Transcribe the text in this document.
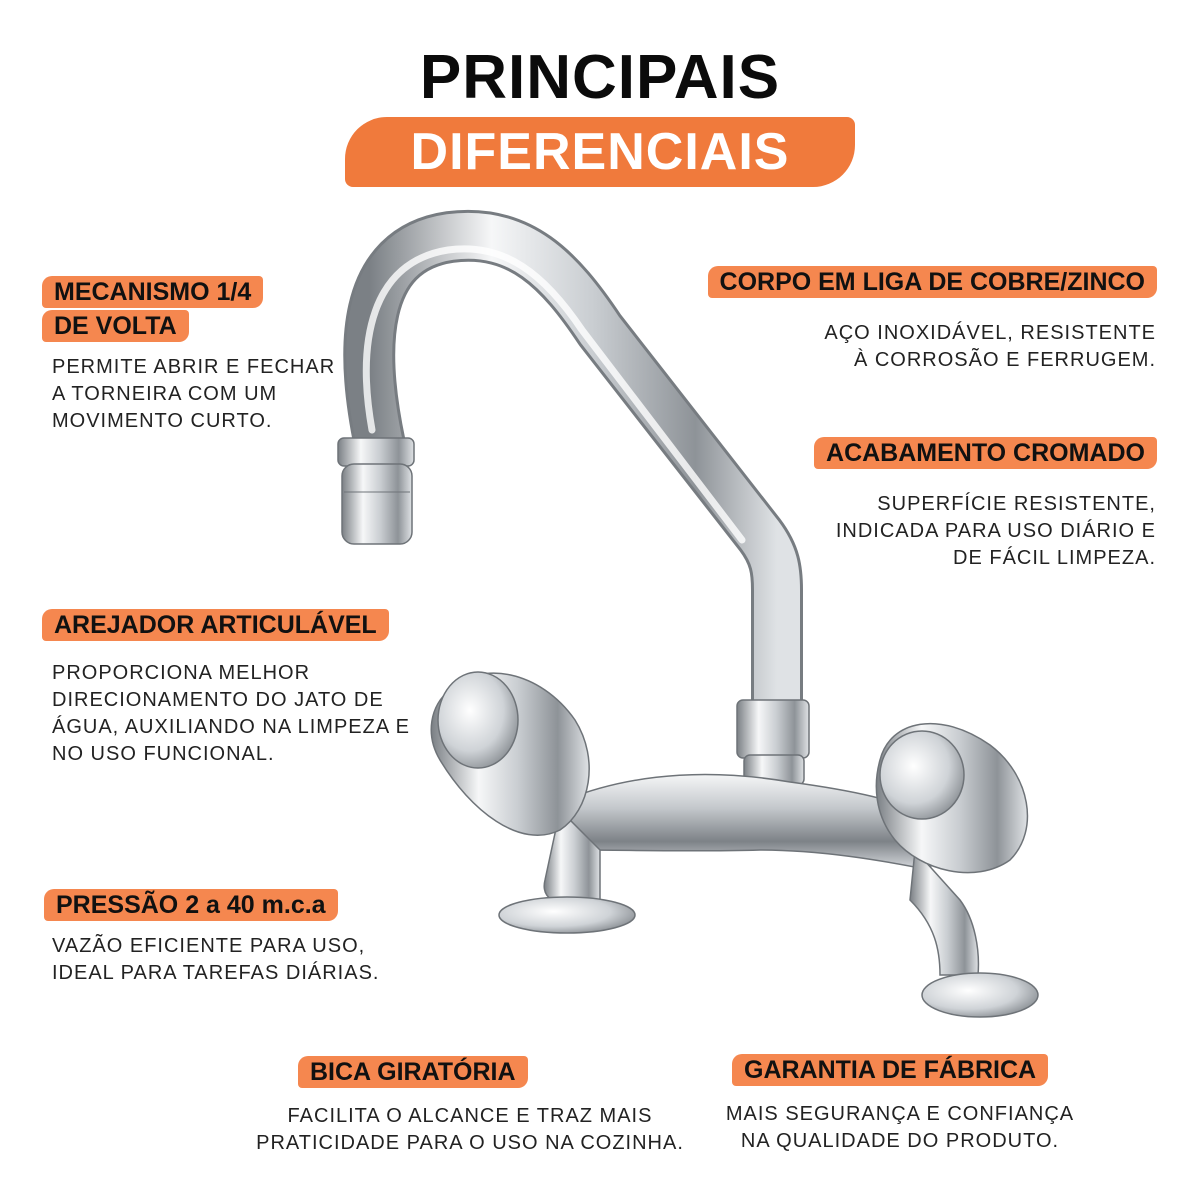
PRINCIPAIS
DIFERENCIAIS
MECANISMO 1/4
DE VOLTA
PERMITE ABRIR E FECHAR
A TORNEIRA COM UM
MOVIMENTO CURTO.
CORPO EM LIGA DE COBRE/ZINCO
AÇO INOXIDÁVEL, RESISTENTE
À CORROSÃO E FERRUGEM.
ACABAMENTO CROMADO
SUPERFÍCIE RESISTENTE,
INDICADA PARA USO DIÁRIO E
DE FÁCIL LIMPEZA.
AREJADOR ARTICULÁVEL
PROPORCIONA MELHOR
DIRECIONAMENTO DO JATO DE
ÁGUA, AUXILIANDO NA LIMPEZA E
NO USO FUNCIONAL.
PRESSÃO 2 a 40 m.c.a
VAZÃO EFICIENTE PARA USO,
IDEAL PARA TAREFAS DIÁRIAS.
BICA GIRATÓRIA
FACILITA O ALCANCE E TRAZ MAIS
PRATICIDADE PARA O USO NA COZINHA.
GARANTIA DE FÁBRICA
MAIS SEGURANÇA E CONFIANÇA
NA QUALIDADE DO PRODUTO.
